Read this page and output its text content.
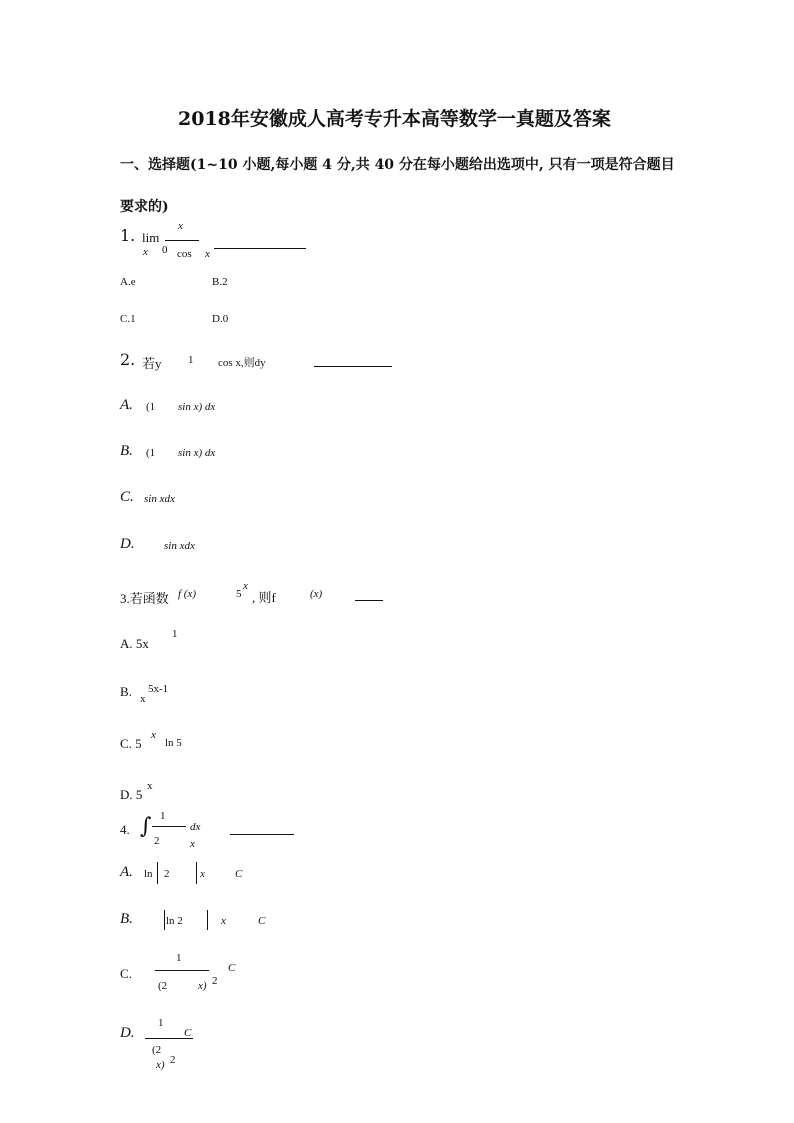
2018年安徽成人高考专升本高等数学一真题及答案
一、选择题(1~10 小题,每小题 4 分,共 40 分在每小题给出选项中, 只有一项是符合题目
要求的)
1. lim
x 0
x
cos x
A.e	B.2
C.1	D.0
2. 若y 1 cos x,则dy
A. (1 sin x) dx
B. (1 sin x) dx
C. sin xdx
D.	sin xdx
3.若函数 f (x)	5
x
, 则f	(x)
A. 5x
1
B. x
5x-1
C. 5
x
ln 5
D. 5
x
4. ∫ 1
dx
2	x
A. ln 2	x	C
B.	ln 2	x	C
C.
1
(2	x) 2
C
D.
1
C
(2
x) 2
